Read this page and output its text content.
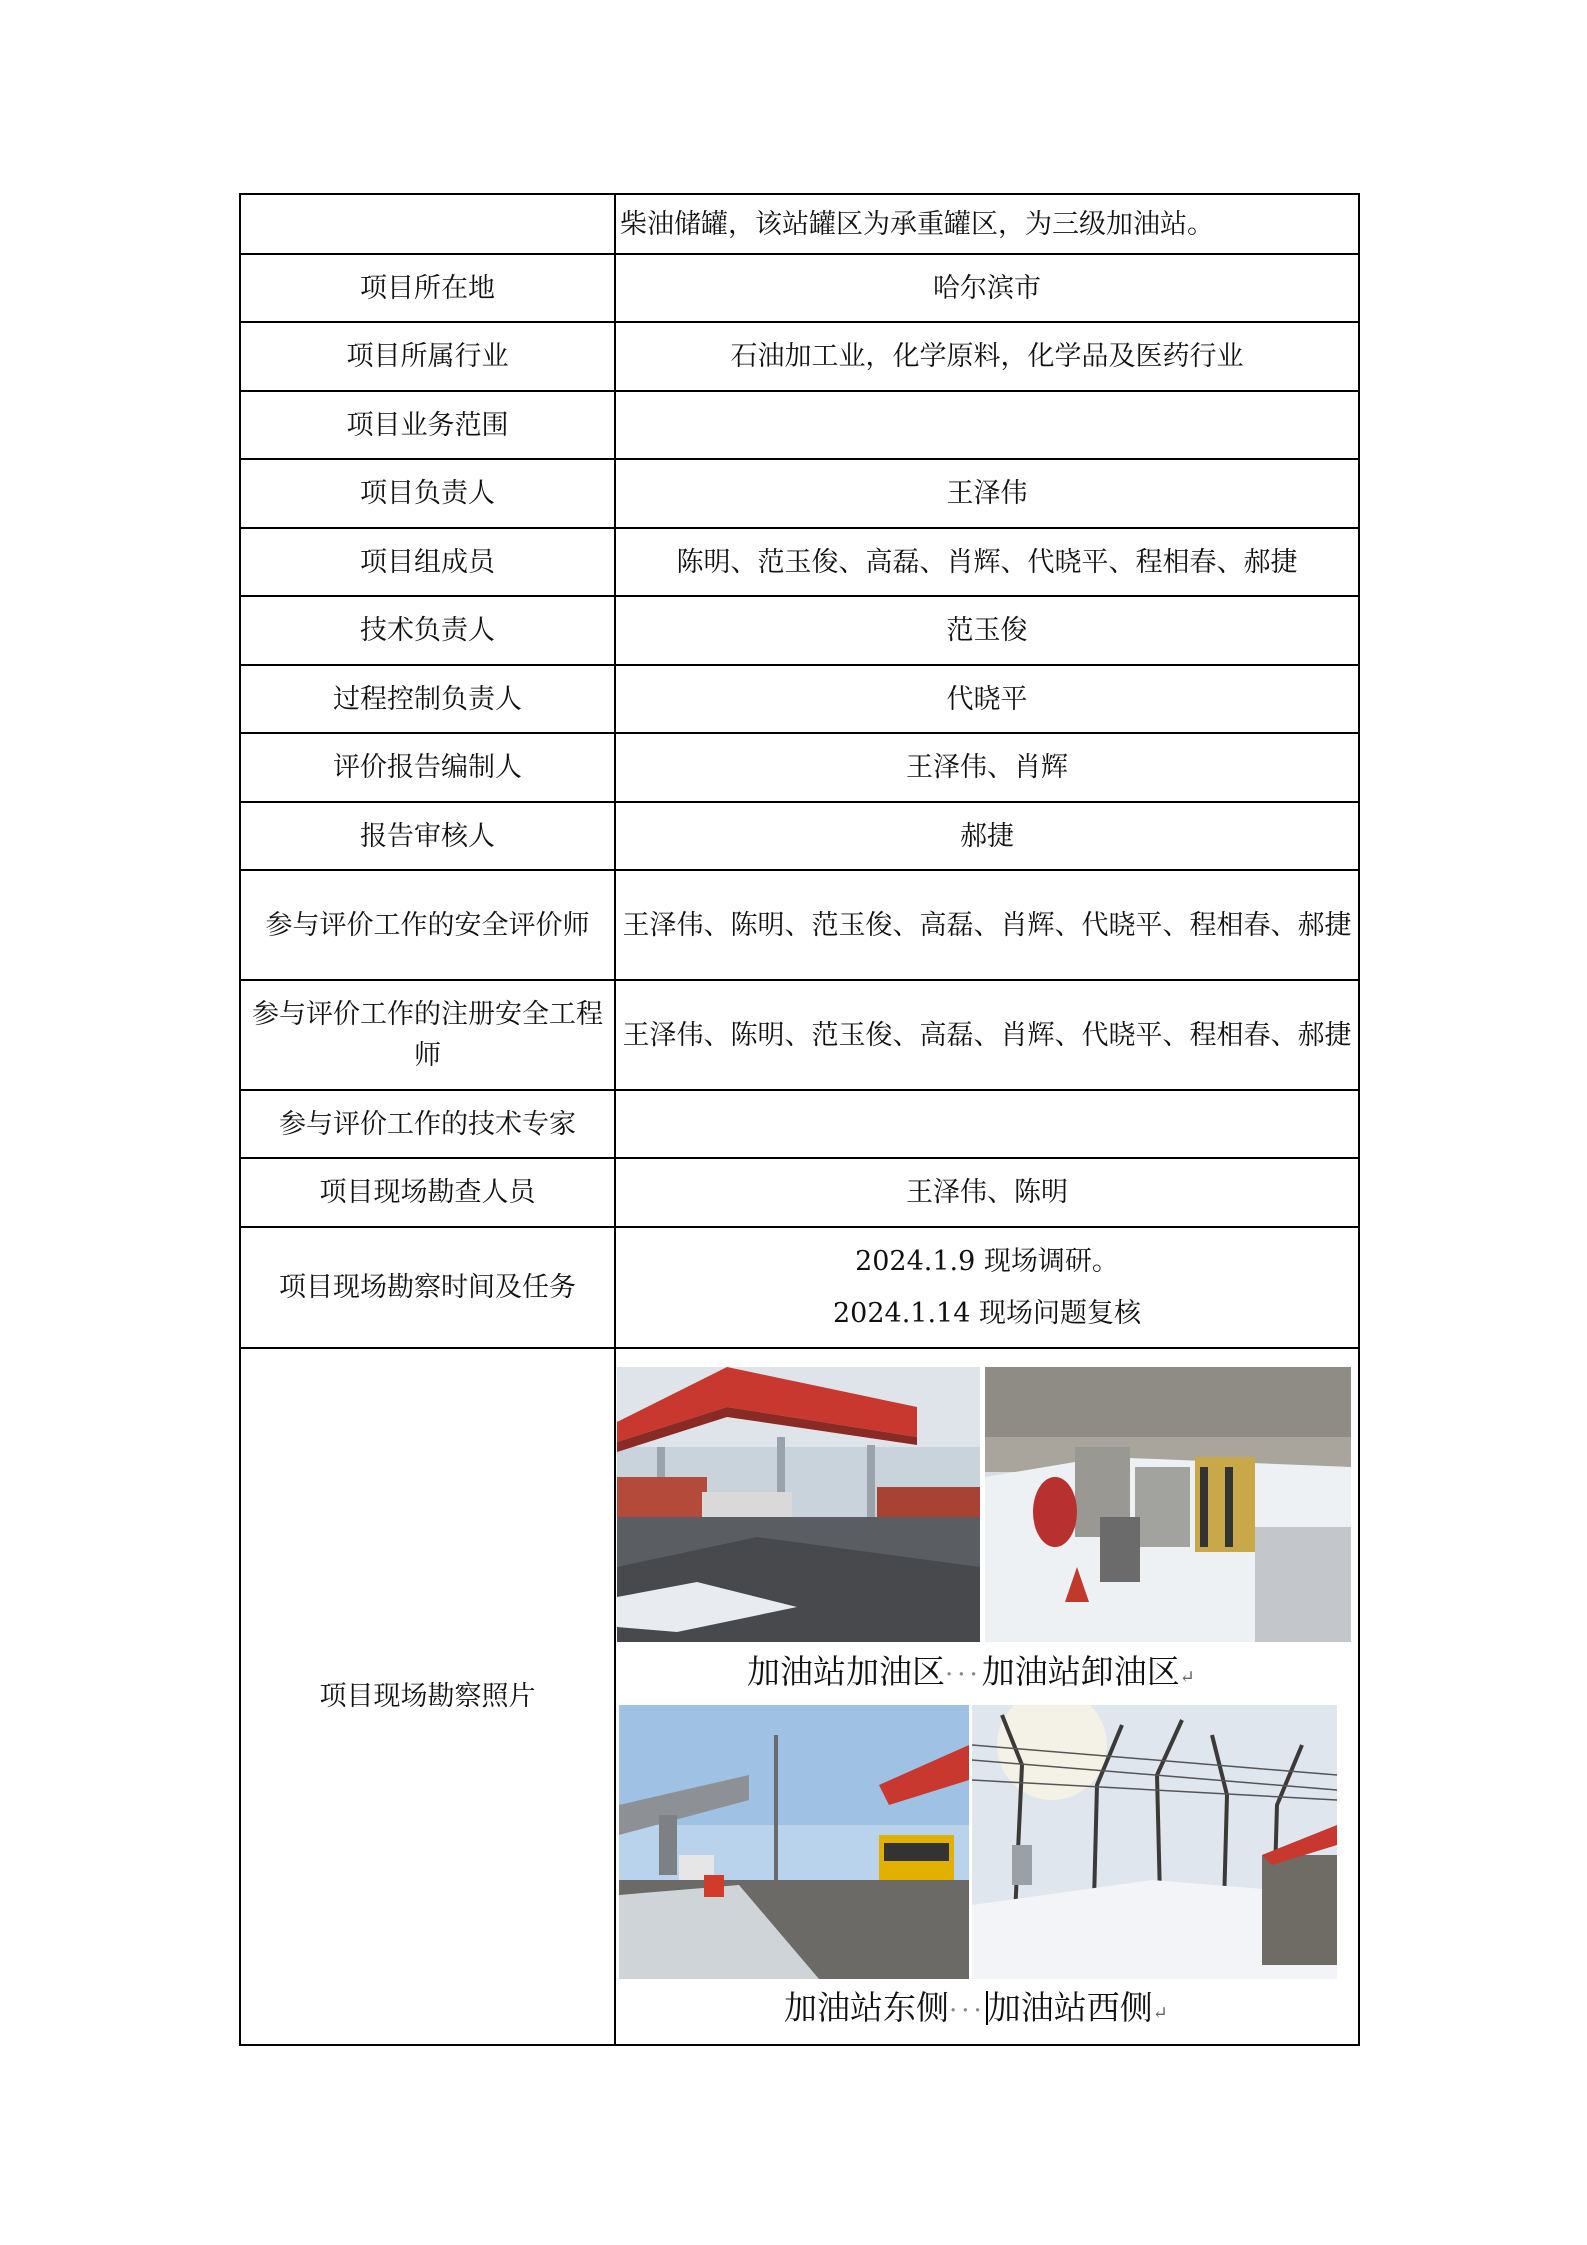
	柴油储罐，该站罐区为承重罐区，为三级加油站。
项目所在地	哈尔滨市
项目所属行业	石油加工业，化学原料，化学品及医药行业
项目业务范围	
项目负责人	王泽伟
项目组成员	陈明、范玉俊、高磊、肖辉、代晓平、程相春、郝捷
技术负责人	范玉俊
过程控制负责人	代晓平
评价报告编制人	王泽伟、肖辉
报告审核人	郝捷
参与评价工作的安全评价师	王泽伟、陈明、范玉俊、高磊、肖辉、代晓平、程相春、郝捷
参与评价工作的注册安全工程师	王泽伟、陈明、范玉俊、高磊、肖辉、代晓平、程相春、郝捷
参与评价工作的技术专家	
项目现场勘查人员	王泽伟、陈明
项目现场勘察时间及任务	2024.1.9 现场调研。
2024.1.14 现场问题复核

项目现场勘察照片	加油站加油区···加油站卸油区↵
加油站东侧···加油站西侧↵
